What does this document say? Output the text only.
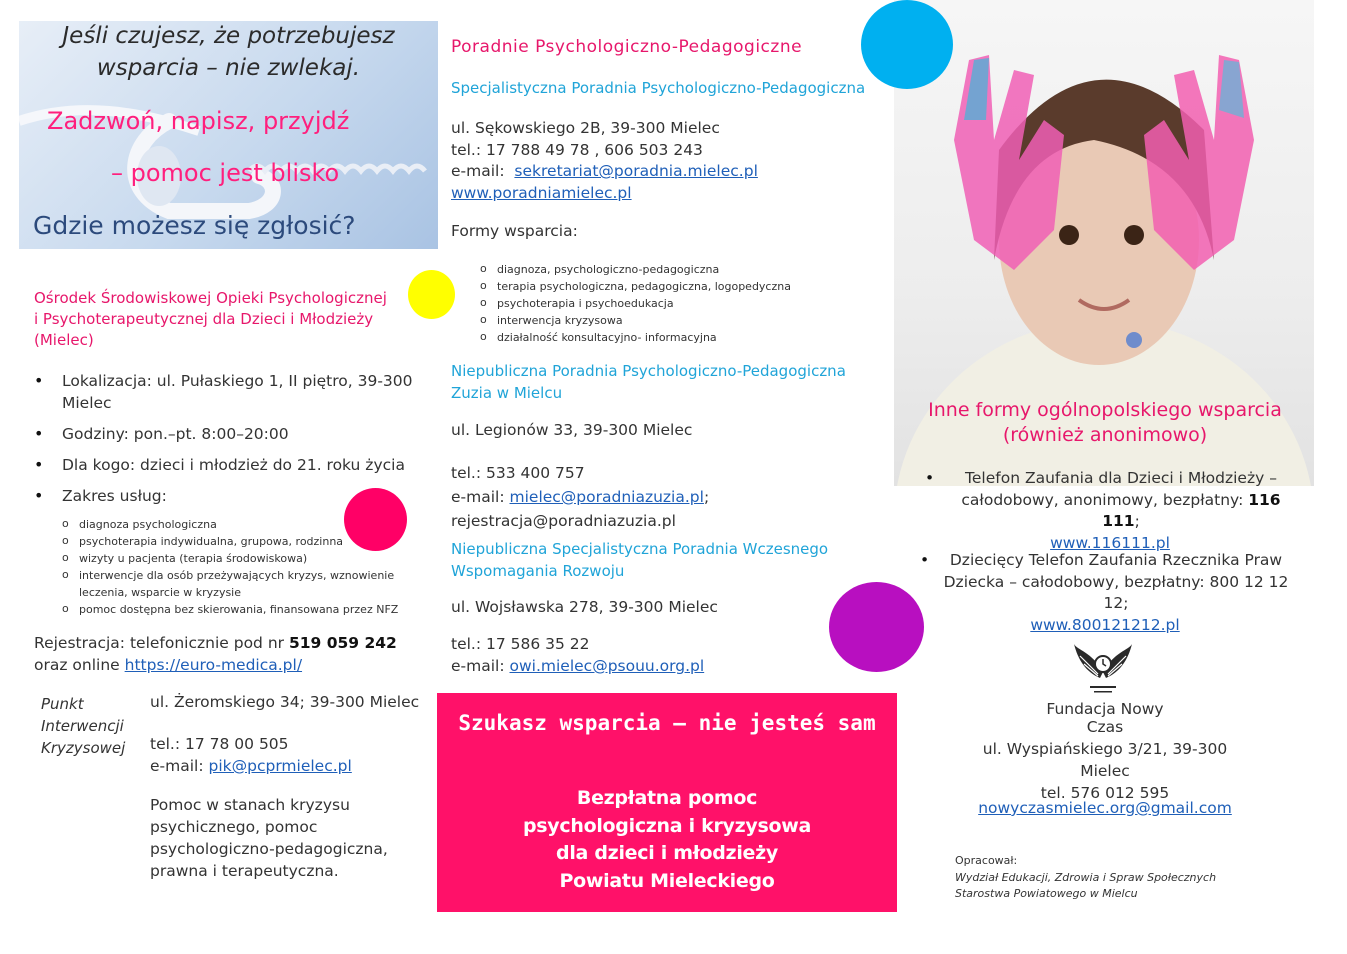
Jeśli czujesz, że potrzebujesz
wsparcia – nie zwlekaj.
Zadzwoń, napisz, przyjdź
– pomoc jest blisko
Gdzie możesz się zgłosić?
Ośrodek Środowiskowej Opieki Psychologicznej i Psychoterapeutycznej dla Dzieci i Młodzieży (Mielec)
• Lokalizacja: ul. Pułaskiego 1, II piętro, 39-300 Mielec
• Godziny: pon.–pt. 8:00–20:00
• Dla kogo: dzieci i młodzież do 21. roku życia
• Zakres usług:
o diagnoza psychologiczna
o psychoterapia indywidualna, grupowa, rodzinna
o wizyty u pacjenta (terapia środowiskowa)
o interwencje dla osób przeżywających kryzys, wznowienie leczenia, wsparcie w kryzysie
o pomoc dostępna bez skierowania, finansowana przez NFZ
Rejestracja: telefonicznie pod nr 519 059 242 oraz online https://euro-medica.pl/
Punkt Interwencji Kryzysowej
ul. Żeromskiego 34; 39-300 Mielec
tel.: 17 78 00 505
e-mail: pik@pcprmielec.pl
Pomoc w stanach kryzysu psychicznego, pomoc psychologiczno-pedagogiczna, prawna i terapeutyczna.
Poradnie Psychologiczno-Pedagogiczne
Specjalistyczna Poradnia Psychologiczno-Pedagogiczna
ul. Sękowskiego 2B, 39-300 Mielec
tel.: 17 788 49 78 , 606 503 243
e-mail:  sekretariat@poradnia.mielec.pl
www.poradniamielec.pl
Formy wsparcia:
o diagnoza, psychologiczno-pedagogiczna
o terapia psychologiczna, pedagogiczna, logopedyczna
o psychoterapia i psychoedukacja
o interwencja kryzysowa
o działalność konsultacyjno- informacyjna
Niepubliczna Poradnia Psychologiczno-Pedagogiczna Zuzia w Mielcu
ul. Legionów 33, 39-300 Mielec
tel.: 533 400 757
e-mail: mielec@poradniazuzia.pl;
rejestracja@poradniazuzia.pl
Niepubliczna Specjalistyczna Poradnia Wczesnego Wspomagania Rozwoju
ul. Wojsławska 278, 39-300 Mielec
tel.: 17 586 35 22
e-mail: owi.mielec@psouu.org.pl
Szukasz wsparcia – nie jesteś sam
Bezpłatna pomoc
psychologiczna i kryzysowa
dla dzieci i młodzieży
Powiatu Mieleckiego
Inne formy ogólnopolskiego wsparcia
(również anonimowo)
•	Telefon Zaufania dla Dzieci i Młodzieży – całodobowy, anonimowy, bezpłatny: 116 111;
www.116111.pl
•	Dziecięcy Telefon Zaufania Rzecznika Praw Dziecka – całodobowy, bezpłatny: 800 12 12 12;
www.800121212.pl
Fundacja Nowy Czas
ul. Wyspiańskiego 3/21, 39-300 Mielec
tel. 576 012 595
nowyczasmielec.org@gmail.com
Opracował:
Wydział Edukacji, Zdrowia i Spraw Społecznych
Starostwa Powiatowego w Mielcu
